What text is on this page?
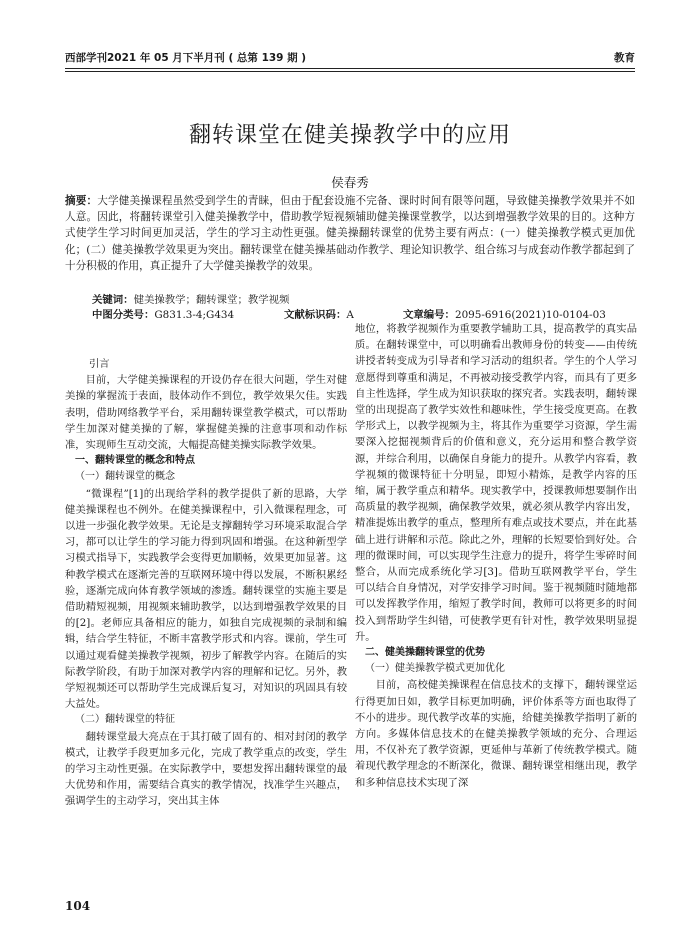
西部学刊2021 年 05 月下半月刊 ( 总第 139 期 )	教育
翻转课堂在健美操教学中的应用
侯春秀
摘要：大学健美操课程虽然受到学生的青睐，但由于配套设施不完备、课时时间有限等问题，导致健美操教学效果并不如人意。因此，将翻转课堂引入健美操教学中，借助教学短视频辅助健美操课堂教学，以达到增强教学效果的目的。这种方式使学生学习时间更加灵活，学生的学习主动性更强。健美操翻转课堂的优势主要有两点：(一）健美操教学模式更加优化；(二）健美操教学效果更为突出。翻转课堂在健美操基础动作教学、理论知识教学、组合练习与成套动作教学都起到了十分积极的作用，真正提升了大学健美操教学的效果。
关键词：健美操教学；翻转课堂；教学视频
中图分类号：G831.3-4;G434	文献标识码：A	文章编号：2095-6916(2021)10-0104-03

引言

目前，大学健美操课程的开设仍存在很大问题，学生对健美操的掌握流于表面，肢体动作不到位，教学效果欠佳。实践表明，借助网络教学平台，采用翻转课堂教学模式，可以帮助学生加深对健美操的了解，掌握健美操的注意事项和动作标准，实现师生互动交流，大幅提高健美操实际教学效果。

一、翻转课堂的概念和特点

（一）翻转课堂的概念

“微课程”[1]的出现给学科的教学提供了新的思路，大学健美操课程也不例外。在健美操课程中，引入微课程理念，可以进一步强化教学效果。无论是支撑翻转学习环境采取混合学习，都可以让学生的学习能力得到巩固和增强。在这种新型学习模式指导下，实践教学会变得更加顺畅，效果更加显著。这种教学模式在逐渐完善的互联网环境中得以发展，不断积累经验，逐渐完成向体育教学领域的渗透。翻转课堂的实施主要是借助精短视频，用视频来辅助教学，以达到增强教学效果的目的[2]。老师应具备相应的能力，如独自完成视频的录制和编辑，结合学生特征，不断丰富教学形式和内容。课前，学生可以通过观看健美操教学视频，初步了解教学内容。在随后的实际教学阶段，有助于加深对教学内容的理解和记忆。另外，教学短视频还可以帮助学生完成课后复习，对知识的巩固具有较大益处。

（二）翻转课堂的特征

翻转课堂最大亮点在于其打破了固有的、相对封闭的教学模式，让教学手段更加多元化，完成了教学重点的改变，学生的学习主动性更强。在实际教学中，要想发挥出翻转课堂的最大优势和作用，需要结合真实的教学情况，找准学生兴趣点，强调学生的主动学习，突出其主体

地位，将教学视频作为重要教学辅助工具，提高教学的真实品质。在翻转课堂中，可以明确看出教师身份的转变——由传统讲授者转变成为引导者和学习活动的组织者。学生的个人学习意愿得到尊重和满足，不再被动接受教学内容，而具有了更多自主性选择，学生成为知识获取的探究者。实践表明，翻转课堂的出现提高了教学实效性和趣味性，学生接受度更高。在教学形式上，以教学视频为主，将其作为重要学习资源，学生需要深入挖掘视频背后的价值和意义，充分运用和整合教学资源，并综合利用，以确保自身能力的提升。从教学内容看，教学视频的微课特征十分明显，即短小精炼，是教学内容的压缩，属于教学重点和精华。现实教学中，授课教师想要制作出高质量的教学视频，确保教学效果，就必须从教学内容出发，精准提炼出教学的重点，整理所有难点或技术要点，并在此基础上进行讲解和示范。除此之外，理解的长短要恰到好处。合理的微课时间，可以实现学生注意力的提升，将学生零碎时间整合，从而完成系统化学习[3]。借助互联网教学平台，学生可以结合自身情况，对学安排学习时间。鉴于视频随时随地都可以发挥教学作用，缩短了教学时间，教师可以将更多的时间投入到帮助学生纠错，可使教学更有针对性，教学效果明显提升。

二、健美操翻转课堂的优势

（一）健美操教学模式更加优化

目前，高校健美操课程在信息技术的支撑下，翻转课堂运行得更加日如，教学目标更加明确，评价体系等方面也取得了不小的进步。现代教学改革的实施，给健美操教学指明了新的方向。多媒体信息技术的在健美操教学领域的充分、合理运用，不仅补充了教学资源，更延伸与革新了传统教学模式。随着现代教学理念的不断深化，微课、翻转课堂相继出现，教学和多种信息技术实现了深

104
